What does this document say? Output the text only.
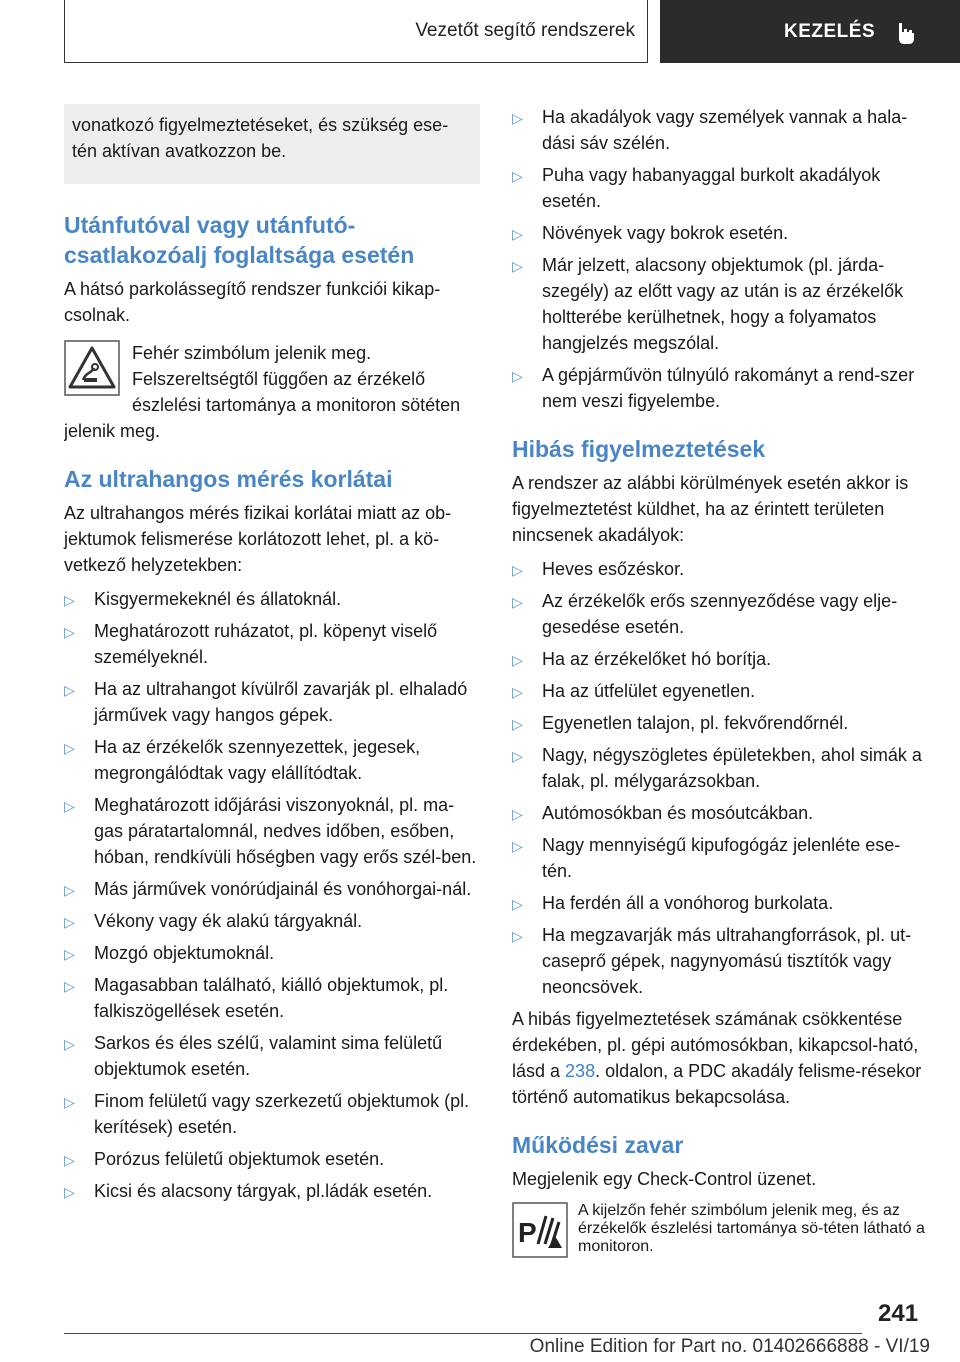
Vezetőt segítő rendszerek	KEZELÉS
vonatkozó figyelmeztetéseket, és szükség ese-tén aktívan avatkozzon be.
Utánfutóval vagy utánfutó-csatlakozóalj foglaltsága esetén

A hátsó parkolássegítő rendszer funkciói kikap-csolnak.

Fehér szimbólum jelenik meg.
Felszereltségtől függően az érzékelő észlelési tartománya a monitoron sötéten jelenik meg.
Az ultrahangos mérés korlátai

Az ultrahangos mérés fizikai korlátai miatt az ob-jektumok felismerése korlátozott lehet, pl. a kö-vetkező helyzetekben:

▷ Kisgyermekeknél és állatoknál.
▷ Meghatározott ruházatot, pl. köpenyt viselő személyeknél.
▷ Ha az ultrahangot kívülről zavarják pl. elhaladó járművek vagy hangos gépek.
▷ Ha az érzékelők szennyezettek, jegesek, megrongálódtak vagy elállítódtak.
▷ Meghatározott időjárási viszonyoknál, pl. ma-gas páratartalomnál, nedves időben, esőben, hóban, rendkívüli hőségben vagy erős szél-ben.
▷ Más járművek vonórúdjainál és vonóhorgai-nál.
▷ Vékony vagy ék alakú tárgyaknál.
▷ Mozgó objektumoknál.
▷ Magasabban található, kiálló objektumok, pl. falkiszögellések esetén.
▷ Sarkos és éles szélű, valamint sima felületű objektumok esetén.
▷ Finom felületű vagy szerkezetű objektumok (pl. kerítések) esetén.
▷ Porózus felületű objektumok esetén.
▷ Kicsi és alacsony tárgyak, pl.ládák esetén.
▷ Ha akadályok vagy személyek vannak a hala-dási sáv szélén.
▷ Puha vagy habanyaggal burkolt akadályok esetén.
▷ Növények vagy bokrok esetén.
▷ Már jelzett, alacsony objektumok (pl. járda-szegély) az előtt vagy az után is az érzékelők holtterébe kerülhetnek, hogy a folyamatos hangjelzés megszólal.
▷ A gépjárművön túlnyúló rakományt a rend-szer nem veszi figyelembe.
Hibás figyelmeztetések

A rendszer az alábbi körülmények esetén akkor is figyelmeztetést küldhet, ha az érintett területen nincsenek akadályok:

▷ Heves esőzéskor.
▷ Az érzékelők erős szennyeződése vagy elje-gesedése esetén.
▷ Ha az érzékelőket hó borítja.
▷ Ha az útfelület egyenetlen.
▷ Egyenetlen talajon, pl. fekvőrendőrnél.
▷ Nagy, négyszögletes épületekben, ahol simák a falak, pl. mélygarázsokban.
▷ Autómosókban és mosóutcákban.
▷ Nagy mennyiségű kipufogógáz jelenléte ese-tén.
▷ Ha ferdén áll a vonóhorog burkolata.
▷ Ha megzavarják más ultrahangforrások, pl. ut-caseprő gépek, nagynyomású tisztítók vagy neoncsövek.

A hibás figyelmeztetések számának csökkentése érdekében, pl. gépi autómosókban, kikapcsol-ható, lásd a 238. oldalon, a PDC akadály felisme-résekor történő automatikus bekapcsolása.

Működési zavar

Megjelenik egy Check-Control üzenet.

P
A kijelzőn fehér szimbólum jelenik meg, és az érzékelők észlelési tartománya sö-téten látható a monitoron.
241
Online Edition for Part no. 01402666888 - VI/19
